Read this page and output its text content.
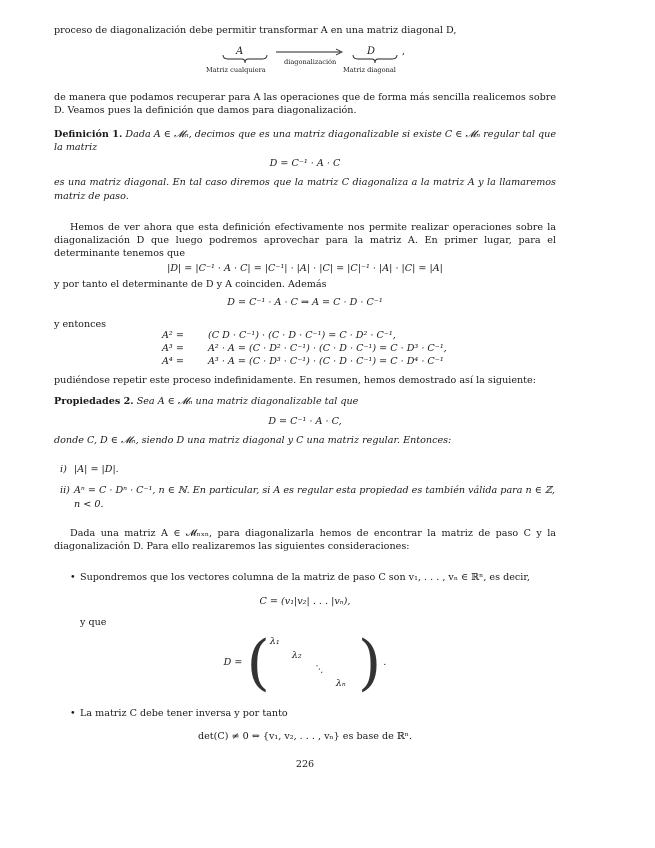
proceso de diagonalización debe permitir transformar A en una matriz diagonal D,

A
Matriz cualquiera
diagonalización
D
Matriz diagonal
,

de manera que podamos recuperar para A las operaciones que de forma más sencilla realicemos sobre D. Veamos pues la definición que damos para diagonalización.

Definición 1. Dada A ∈ 𝓜ₙ, decimos que es una matriz diagonalizable si existe C ∈ 𝓜ₙ regular tal que la matriz

D = C⁻¹ · A · C

es una matriz diagonal. En tal caso diremos que la matriz C diagonaliza a la matriz A y la llamaremos matriz de paso.

Hemos de ver ahora que esta definición efectivamente nos permite realizar operaciones sobre la diagonalización D que luego podremos aprovechar para la matriz A. En primer lugar, para el determinante tenemos que

|D| = |C⁻¹ · A · C| = |C⁻¹| · |A| · |C| = |C|⁻¹ · |A| · |C| = |A|

y por tanto el determinante de D y A coinciden. Además

D = C⁻¹ · A · C ⇒ A = C · D · C⁻¹

y entonces

A² =	(C D · C⁻¹) · (C · D · C⁻¹) = C · D² · C⁻¹,
A³ =	A² · A = (C · D² · C⁻¹) · (C · D · C⁻¹) = C · D³ · C⁻¹,
A⁴ =	A³ · A = (C · D³ · C⁻¹) · (C · D · C⁻¹) = C · D⁴ · C⁻¹

pudiéndose repetir este proceso indefinidamente. En resumen, hemos demostrado así la siguiente:

Propiedades 2. Sea A ∈ 𝓜ₙ una matriz diagonalizable tal que

D = C⁻¹ · A · C,

donde C, D ∈ 𝓜ₙ, siendo D una matriz diagonal y C una matriz regular. Entonces:

i) |A| = |D|.
ii) Aⁿ = C · Dⁿ · C⁻¹, n ∈ ℕ. En particular, si A es regular esta propiedad es también válida para n ∈ ℤ, n < 0.

Dada una matriz A ∈ 𝓜ₙₓₙ, para diagonalizarla hemos de encontrar la matriz de paso C y la diagonalización D. Para ello realizaremos las siguientes consideraciones:

• Supondremos que los vectores columna de la matriz de paso C son v₁, . . . , vₙ ∈ ℝⁿ, es decir,

C = (v₁|v₂| . . . |vₙ),

y que

D = ( λ₁
λ₂
⋱
λₙ ) .
• La matriz C debe tener inversa y por tanto

det(C) ≠ 0 ⇔ {v₁, v₂, . . . , vₙ} es base de ℝⁿ.

226
